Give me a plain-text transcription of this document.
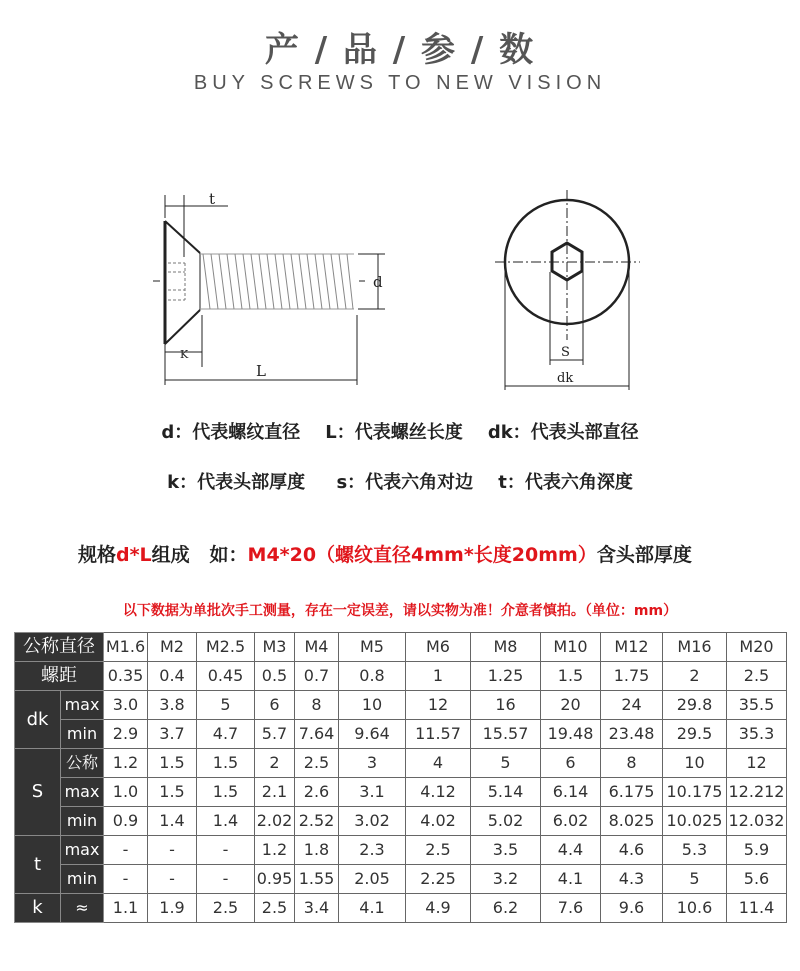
产 / 品 / 参 / 数
BUY SCREWS TO NEW VISION
t
d
K
L
S
dk
d：代表螺纹直径    L：代表螺丝长度    dk：代表头部直径
k：代表头部厚度     s：代表六角对边    t：代表六角深度
规格d*L组成   如：M4*20（螺纹直径4mm*长度20mm）含头部厚度
以下数据为单批次手工测量，存在一定误差，请以实物为准！介意者慎拍。（单位：mm）
公称直径		M1.6	M2	M2.5	M3	M4	M5	M6	M8	M10	M12	M16	M20
螺距		0.35	0.4	0.45	0.5	0.7	0.8	1	1.25	1.5	1.75	2	2.5
dk	max	3.0	3.8	5	6	8	10	12	16	20	24	29.8	35.5
	min	2.9	3.7	4.7	5.7	7.64	9.64	11.57	15.57	19.48	23.48	29.5	35.3
S	公称	1.2	1.5	1.5	2	2.5	3	4	5	6	8	10	12
	max	1.0	1.5	1.5	2.1	2.6	3.1	4.12	5.14	6.14	6.175	10.175	12.212
	min	0.9	1.4	1.4	2.02	2.52	3.02	4.02	5.02	6.02	8.025	10.025	12.032
t	max	-	-	-	1.2	1.8	2.3	2.5	3.5	4.4	4.6	5.3	5.9
	min	-	-	-	0.95	1.55	2.05	2.25	3.2	4.1	4.3	5	5.6
k	≈	1.1	1.9	2.5	2.5	3.4	4.1	4.9	6.2	7.6	9.6	10.6	11.4
